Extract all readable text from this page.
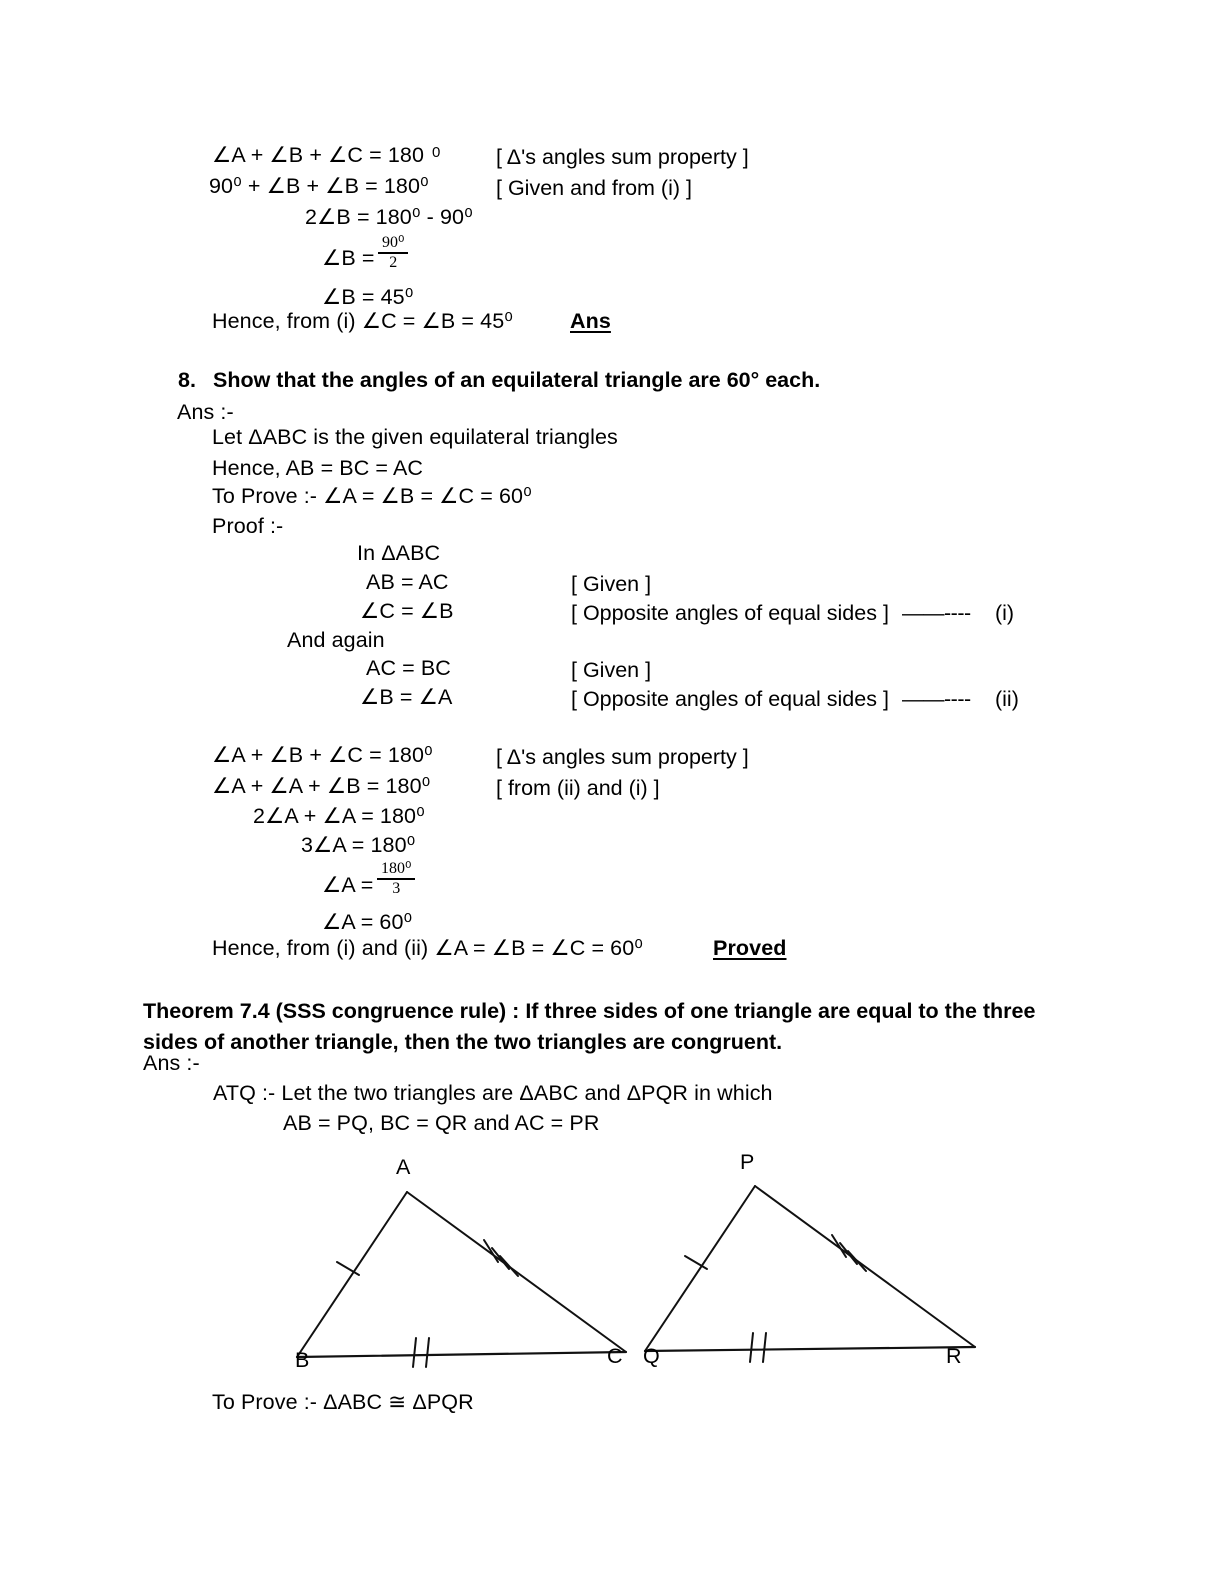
∠A + ∠B + ∠C = 180 0	[ Δ's angles sum property ]
90⁰ + ∠B + ∠B = 180⁰	[ Given and from (i) ]
2∠B = 180⁰ - 90⁰
∠B =
90⁰
2
∠B = 45⁰
Hence, from (i) ∠C = ∠B = 45⁰	Ans
8. Show that the angles of an equilateral triangle are 60° each.
Ans :-
Let ΔABC is the given equilateral triangles
Hence, AB = BC = AC
To Prove :- ∠A = ∠B = ∠C = 60⁰
Proof :-
In ΔABC
AB = AC	[ Given ]
∠C = ∠B	[ Opposite angles of equal sides ] ——---- (i)
And again
AC = BC	[ Given ]
∠B = ∠A	[ Opposite angles of equal sides ] ——---- (ii)
∠A + ∠B + ∠C = 180⁰	[ Δ's angles sum property ]
∠A + ∠A + ∠B = 180⁰	[ from (ii) and (i) ]
2∠A + ∠A = 180⁰
3∠A = 180⁰
∠A =
180⁰
3
∠A = 60⁰
Hence, from (i) and (ii) ∠A = ∠B = ∠C = 60⁰	Proved
Theorem 7.4 (SSS congruence rule) : If three sides of one triangle are equal to the three sides of another triangle, then the two triangles are congruent.
Ans :-
ATQ :- Let the two triangles are ΔABC and ΔPQR in which
AB = PQ, BC = QR and AC = PR
A
B	C
P
Q	R
To Prove :- ΔABC ≅ ΔPQR
